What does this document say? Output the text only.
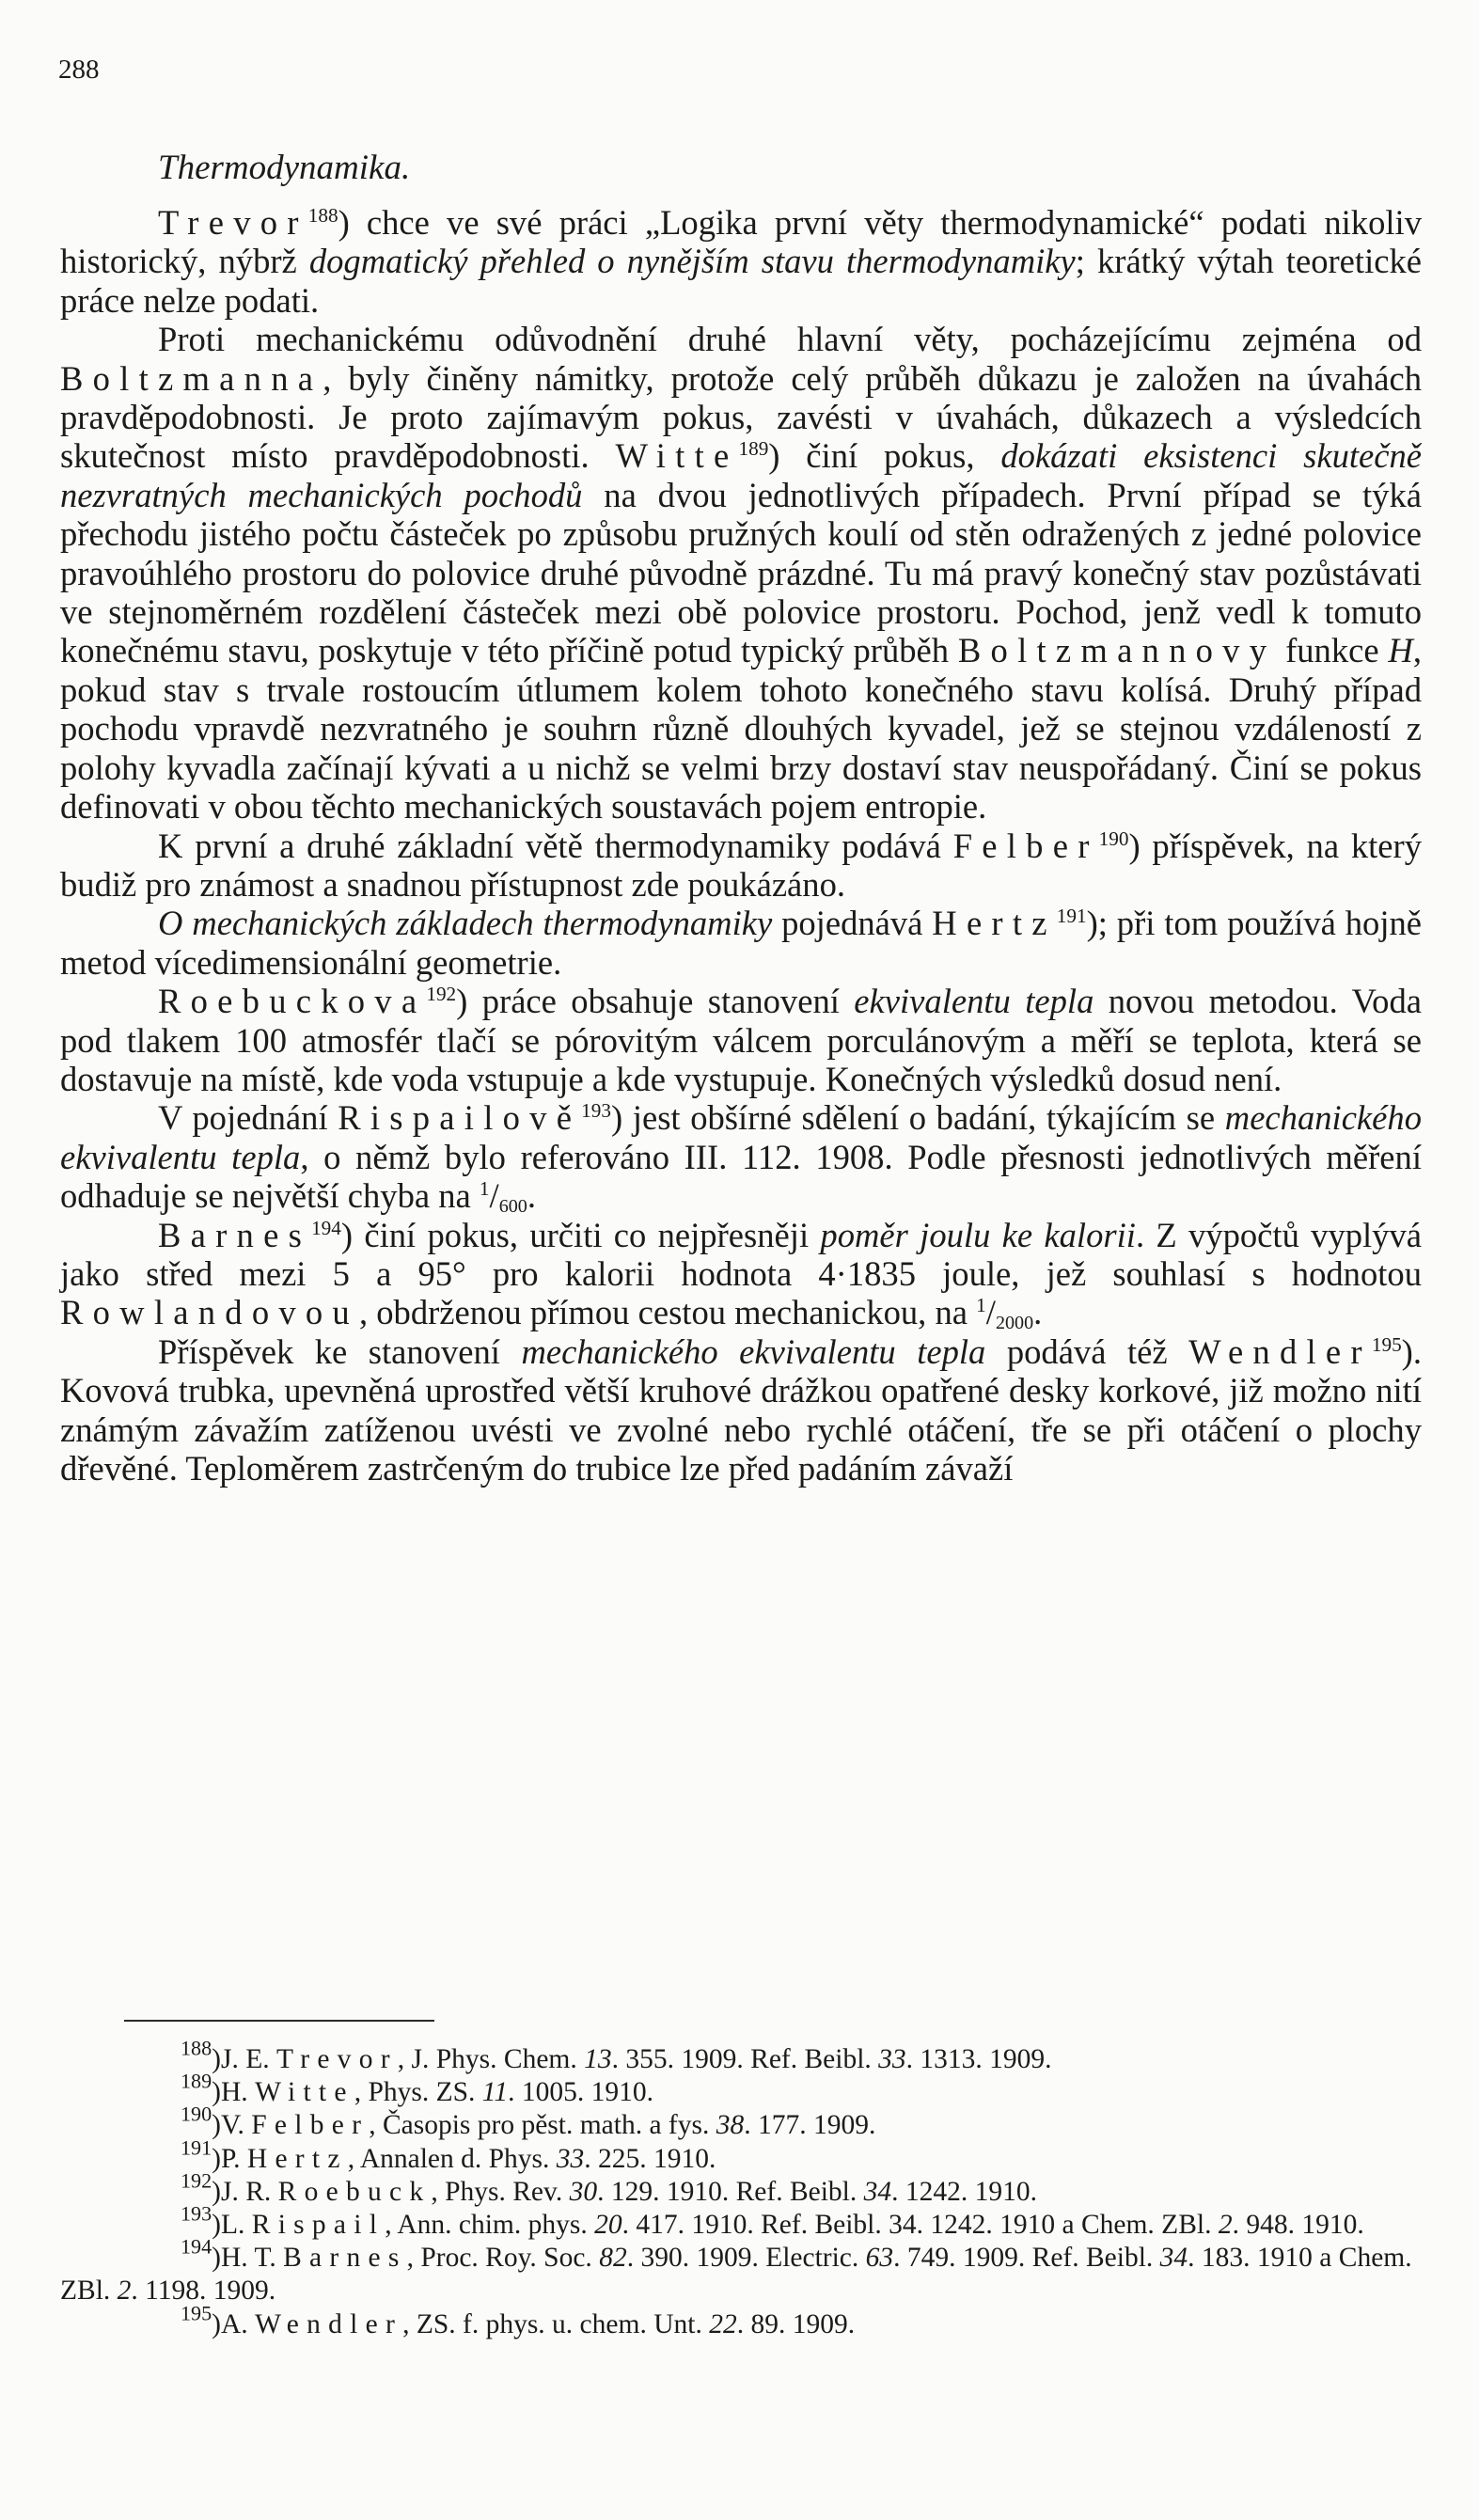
288
Thermodynamika.

Trevor$^{188}$) chce ve své práci „Logika první věty thermodynamické“ podati nikoliv historický, nýbrž dogmatický přehled o nynějším stavu thermodynamiky; krátký výtah teoretické práce nelze podati.

Proti mechanickému odůvodnění druhé hlavní věty, pocházejícímu zejména od Boltzmanna, byly činěny námitky, protože celý průběh důkazu je založen na úvahách pravděpodobnosti. Je proto zajímavým pokus, zavésti v úvahách, důkazech a výsledcích skutečnost místo pravděpodobnosti. Witte$^{189}$) činí pokus, dokázati eksistenci skutečně nezvratných mechanických pochodů na dvou jednotlivých případech. První případ se týká přechodu jistého počtu částeček po způsobu pružných koulí od stěn odražených z jedné polovice pravoúhlého prostoru do polovice druhé původně prázdné. Tu má pravý konečný stav pozůstávati ve stejnoměrném rozdělení částeček mezi obě polovice prostoru. Pochod, jenž vedl k tomuto konečnému stavu, poskytuje v této příčině potud typický průběh Boltzmannovy funkce H, pokud stav s trvale rostoucím útlumem kolem tohoto konečného stavu kolísá. Druhý případ pochodu vpravdě nezvratného je souhrn různě dlouhých kyvadel, jež se stejnou vzdáleností z polohy kyvadla začínají kývati a u nichž se velmi brzy dostaví stav neuspořádaný. Činí se pokus definovati v obou těchto mechanických soustavách pojem entropie.

K první a druhé základní větě thermodynamiky podává Felber$^{190}$) příspěvek, na který budiž pro známost a snadnou přístupnost zde poukázáno.

O mechanických základech thermodynamiky pojednává Hertz$^{191}$); při tom používá hojně metod vícedimensionální geometrie.

Roebuckova$^{192}$) práce obsahuje stanovení ekvivalentu tepla novou metodou. Voda pod tlakem 100 atmosfér tlačí se pórovitým válcem porculánovým a měří se teplota, která se dostavuje na místě, kde voda vstupuje a kde vystupuje. Konečných výsledků dosud není.

V pojednání Rispailově$^{193}$) jest obšírné sdělení o badání, týkajícím se mechanického ekvivalentu tepla, o němž bylo referováno III. 112. 1908. Podle přesnosti jednotlivých měření odhaduje se největší chyba na $^1/_{600}$.

Barnes$^{194}$) činí pokus, určiti co nejpřesněji poměr joulu ke kalorii. Z výpočtů vyplývá jako střed mezi 5 a 95° pro kalorii hodnota 4·1835 joule, jež souhlasí s hodnotou Rowlandovou, obdrženou přímou cestou mechanickou, na $^1/_{2000}$.

Příspěvek ke stanovení mechanického ekvivalentu tepla podává též Wendler$^{195}$). Kovová trubka, upevněná uprostřed větší kruhové drážkou opatřené desky korkové, již možno nití známým závažím zatíženou uvésti ve zvolné nebo rychlé otáčení, tře se při otáčení o plochy dřevěné. Teploměrem zastrčeným do trubice lze před padáním závaží

$^{188}$)J. E. Trevor, J. Phys. Chem. 13. 355. 1909. Ref. Beibl. 33. 1313. 1909.
$^{189}$)H. Witte, Phys. ZS. 11. 1005. 1910.
$^{190}$)V. Felber, Časopis pro pěst. math. a fys. 38. 177. 1909.
$^{191}$)P. Hertz, Annalen d. Phys. 33. 225. 1910.
$^{192}$)J. R. Roebuck, Phys. Rev. 30. 129. 1910. Ref. Beibl. 34. 1242. 1910.
$^{193}$)L. Rispail, Ann. chim. phys. 20. 417. 1910. Ref. Beibl. 34. 1242. 1910 a Chem. ZBl. 2. 948. 1910.
$^{194}$)H. T. Barnes, Proc. Roy. Soc. 82. 390. 1909. Electric. 63. 749. 1909. Ref. Beibl. 34. 183. 1910 a Chem. ZBl. 2. 1198. 1909.
$^{195}$)A. Wendler, ZS. f. phys. u. chem. Unt. 22. 89. 1909.
